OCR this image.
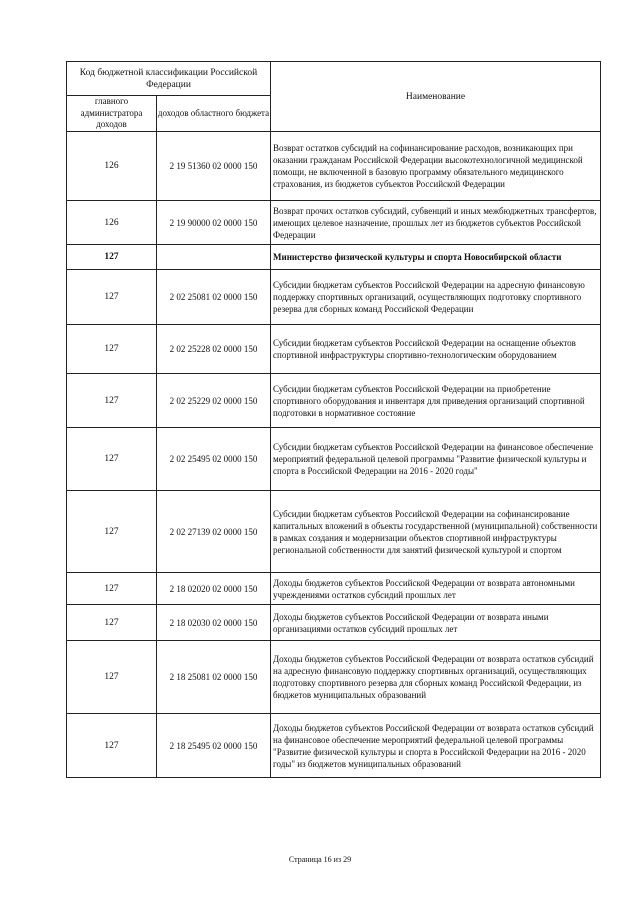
Код бюджетной классификации Российской Федерации		Наименование
главного администратора доходов	доходов областного бюджета	
126	2 19 51360 02 0000 150	Возврат остатков субсидий на софинансирование расходов, возникающих при оказании гражданам Российской Федерации высокотехнологичной медицинской помощи, не включенной в базовую программу обязательного медицинского страхования, из бюджетов субъектов Российской Федерации
126	2 19 90000 02 0000 150	Возврат прочих остатков субсидий, субвенций и иных межбюджетных трансфертов, имеющих целевое назначение, прошлых лет из бюджетов субъектов Российской Федерации
127		Министерство физической культуры и спорта Новосибирской области
127	2 02 25081 02 0000 150	Субсидии бюджетам субъектов Российской Федерации на адресную финансовую поддержку спортивных организаций, осуществляющих подготовку спортивного резерва для сборных команд Российской Федерации
127	2 02 25228 02 0000 150	Субсидии бюджетам субъектов Российской Федерации на оснащение объектов спортивной инфраструктуры спортивно-технологическим оборудованием
127	2 02 25229 02 0000 150	Субсидии бюджетам субъектов Российской Федерации на приобретение спортивного оборудования и инвентаря для приведения организаций спортивной подготовки в нормативное состояние
127	2 02 25495 02 0000 150	Субсидии бюджетам субъектов Российской Федерации на финансовое обеспечение мероприятий федеральной целевой программы "Развитие физической культуры и спорта в Российской Федерации на 2016 - 2020 годы"
127	2 02 27139 02 0000 150	Субсидии бюджетам субъектов Российской Федерации на софинансирование капитальных вложений в объекты государственной (муниципальной) собственности в рамках создания и модернизации объектов спортивной инфраструктуры региональной собственности для занятий физической культурой и спортом
127	2 18 02020 02 0000 150	Доходы бюджетов субъектов Российской Федерации от возврата автономными учреждениями остатков субсидий прошлых лет
127	2 18 02030 02 0000 150	Доходы бюджетов субъектов Российской Федерации от возврата иными организациями остатков субсидий прошлых лет
127	2 18 25081 02 0000 150	Доходы бюджетов субъектов Российской Федерации от возврата остатков субсидий на адресную финансовую поддержку спортивных организаций, осуществляющих подготовку спортивного резерва для сборных команд Российской Федерации, из бюджетов муниципальных образований
127	2 18 25495 02 0000 150	Доходы бюджетов субъектов Российской Федерации от возврата остатков субсидий на финансовое обеспечение мероприятий федеральной целевой программы "Развитие физической культуры и спорта в Российской Федерации на 2016 - 2020 годы" из бюджетов муниципальных образований
Страница 16 из 29
